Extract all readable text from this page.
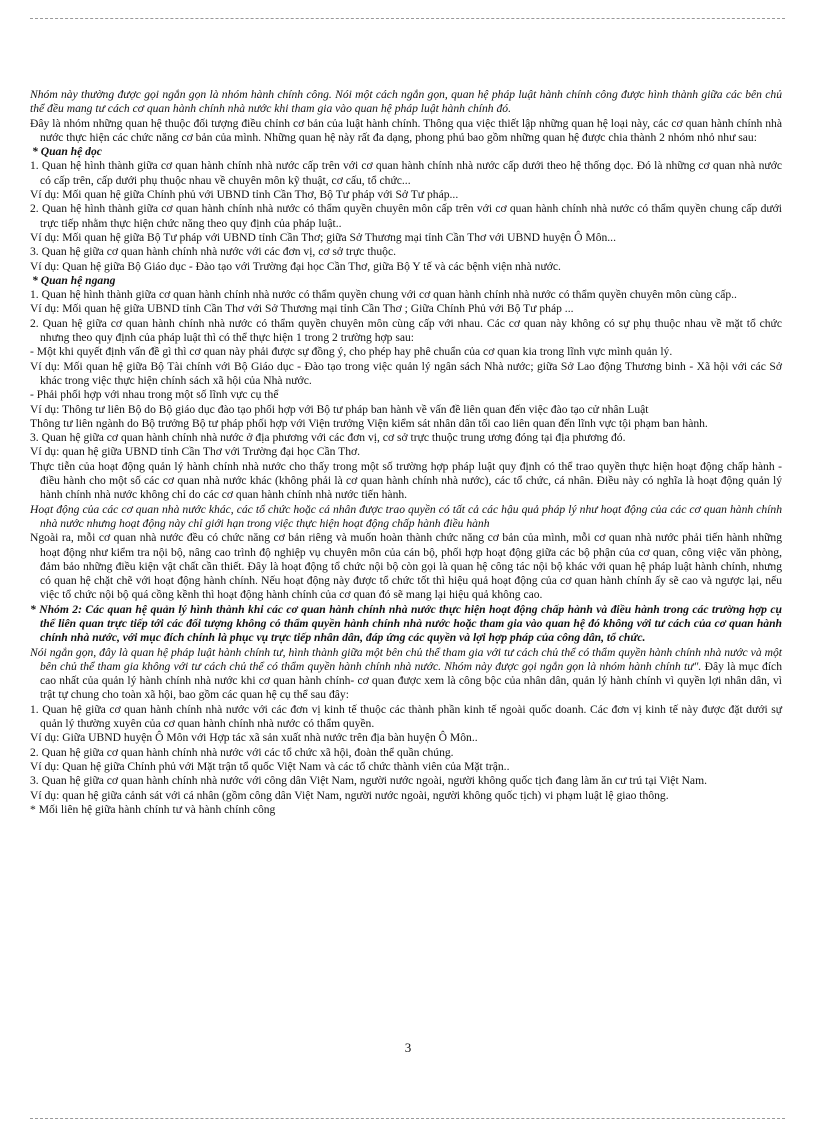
Nhóm này thường được gọi ngắn gọn là nhóm hành chính công. Nói một cách ngắn gọn, quan hệ pháp luật hành chính công được hình thành giữa các bên chủ thể đều mang tư cách cơ quan hành chính nhà nước khi tham gia vào quan hệ pháp luật hành chính đó.

Đây là nhóm những quan hệ thuộc đối tượng điều chỉnh cơ bản của luật hành chính. Thông qua việc thiết lập những quan hệ loại này, các cơ quan hành chính nhà nước thực hiện các chức năng cơ bản của mình. Những quan hệ này rất đa dạng, phong phú bao gồm những quan hệ được chia thành 2 nhóm nhỏ như sau:

* Quan hệ dọc

1. Quan hệ hình thành giữa cơ quan hành chính nhà nước cấp trên với cơ quan hành chính nhà nước cấp dưới theo hệ thống dọc. Đó là những cơ quan nhà nước có cấp trên, cấp dưới phụ thuộc nhau về chuyên môn kỹ thuật, cơ cấu, tổ chức...

Ví dụ: Mối quan hệ giữa Chính phủ với UBND tỉnh Cần Thơ, Bộ Tư pháp với Sở Tư pháp...

2. Quan hệ hình thành giữa cơ quan hành chính nhà nước có thẩm quyền chuyên môn cấp trên với cơ quan hành chính nhà nước có thẩm quyền chung cấp dưới trực tiếp nhằm thực hiện chức năng theo quy định của pháp luật..

Ví dụ: Mối quan hệ giữa Bộ Tư pháp với UBND tỉnh Cần Thơ; giữa Sở Thương mại tỉnh Cần Thơ với UBND huyện Ô Môn...

3. Quan hệ giữa cơ quan hành chính nhà nước với các đơn vị, cơ sở trực thuộc.

Ví dụ: Quan hệ giữa Bộ Giáo dục - Đào tạo với Trường đại học Cần Thơ, giữa Bộ Y tế và các bệnh viện nhà nước.

* Quan hệ ngang

1. Quan hệ hình thành giữa cơ quan hành chính nhà nước có thẩm quyền chung với cơ quan hành chính nhà nước có thẩm quyền chuyên môn cùng cấp..

Ví dụ: Mối quan hệ giữa UBND tỉnh Cần Thơ với Sở Thương mại tỉnh Cần Thơ ; Giữa Chính Phủ với Bộ Tư pháp ...

2. Quan hệ giữa cơ quan hành chính nhà nước có thẩm quyền chuyên môn cùng cấp với nhau. Các cơ quan này không có sự phụ thuộc nhau về mặt tổ chức nhưng theo quy định của pháp luật thì có thể thực hiện 1 trong 2 trường hợp sau:

- Một khi quyết định vấn đề gì thì cơ quan này phải được sự đồng ý, cho phép hay phê chuẩn của cơ quan kia trong lĩnh vực mình quản lý.

Ví dụ: Mối quan hệ giữa Bộ Tài chính với Bộ Giáo dục - Đào tạo trong việc quản lý ngân sách Nhà nước; giữa Sở Lao động Thương binh - Xã hội với các Sở khác trong việc thực hiện chính sách xã hội của Nhà nước.

- Phải phối hợp với nhau trong một số lĩnh vực cụ thể

Ví dụ: Thông tư liên Bộ do Bộ giáo dục đào tạo phối hợp với Bộ tư pháp ban hành về vấn đề liên quan đến việc đào tạo cử nhân Luật

Thông tư liên ngành do Bộ trưởng Bộ tư pháp phối hợp với Viện trưởng Viện kiểm sát nhân dân tối cao liên quan đến lĩnh vực tội phạm ban hành.

3. Quan hệ giữa cơ quan hành chính nhà nước ở địa phương với các đơn vị, cơ sở trực thuộc trung ương đóng tại địa phương đó.

Ví dụ: quan hệ giữa UBND tỉnh Cần Thơ với Trường đại học Cần Thơ.

Thực tiễn của hoạt động quản lý hành chính nhà nước cho thấy trong một số trường hợp pháp luật quy định có thể trao quyền thực hiện hoạt động chấp hành - điều hành cho một số các cơ quan nhà nước khác (không phải là cơ quan hành chính nhà nước), các tổ chức, cá nhân. Điều này có nghĩa là hoạt động quản lý hành chính nhà nước không chỉ do các cơ quan hành chính nhà nước tiến hành.

Hoạt động của các cơ quan nhà nước khác, các tổ chức hoặc cá nhân được trao quyền có tất cả các hậu quả pháp lý như hoạt động của các cơ quan hành chính nhà nước nhưng hoạt động này chỉ giới hạn trong việc thực hiện hoạt động chấp hành điều hành

Ngoài ra, mỗi cơ quan nhà nước đều có chức năng cơ bản riêng và muốn hoàn thành chức năng cơ bản của mình, mỗi cơ quan nhà nước phải tiến hành những hoạt động như kiểm tra nội bộ, nâng cao trình độ nghiệp vụ chuyên môn của cán bộ, phối hợp hoạt động giữa các bộ phận của cơ quan, công việc văn phòng, đảm bảo những điều kiện vật chất cần thiết. Đây là hoạt động tổ chức nội bộ còn gọi là quan hệ công tác nội bộ khác với quan hệ pháp luật hành chính, nhưng có quan hệ chặt chẽ với hoạt động hành chính. Nếu hoạt động này được tổ chức tốt thì hiệu quả hoạt động của cơ quan hành chính ấy sẽ cao và ngược lại, nếu việc tổ chức nội bộ quá cồng kềnh thì hoạt động hành chính của cơ quan đó sẽ mang lại hiệu quả không cao.

* Nhóm 2: Các quan hệ quản lý hình thành khi các cơ quan hành chính nhà nước thực hiện hoạt động chấp hành và điều hành trong các trường hợp cụ thể liên quan trực tiếp tới các đối tượng không có thẩm quyền hành chính nhà nước hoặc tham gia vào quan hệ đó không với tư cách của cơ quan hành chính nhà nước, với mục đích chính là phục vụ trực tiếp nhân dân, đáp ứng các quyền và lợi hợp pháp của công dân, tổ chức.

Nói ngắn gọn, đây là quan hệ pháp luật hành chính tư, hình thành giữa một bên chủ thể tham gia với tư cách chủ thể có thẩm quyền hành chính nhà nước và một bên chủ thể tham gia không với tư cách chủ thể có thẩm quyền hành chính nhà nước. Nhóm này được gọi ngắn gọn là nhóm hành chính tư". Đây là mục đích cao nhất của quản lý hành chính nhà nước khi cơ quan hành chính- cơ quan được xem là công bộc của nhân dân, quản lý hành chính vì quyền lợi nhân dân, vì trật tự chung cho toàn xã hội, bao gồm các quan hệ cụ thể sau đây:

1. Quan hệ giữa cơ quan hành chính nhà nước với các đơn vị kinh tế thuộc các thành phần kinh tế ngoài quốc doanh. Các đơn vị kinh tế này được đặt dưới sự quản lý thường xuyên của cơ quan hành chính nhà nước có thẩm quyền.

Ví dụ: Giữa UBND huyện Ô Môn với Hợp tác xã sản xuất nhà nước trên địa bàn huyện Ô Môn..

2. Quan hệ giữa cơ quan hành chính nhà nước với các tổ chức xã hội, đoàn thể quần chúng.

Ví dụ: Quan hệ giữa Chính phủ với Mặt trận tổ quốc Việt Nam và các tổ chức thành viên của Mặt trận..

3. Quan hệ giữa cơ quan hành chính nhà nước với công dân Việt Nam, người nước ngoài, người không quốc tịch đang làm ăn cư trú tại Việt Nam.

Ví dụ: quan hệ giữa cảnh sát với cá nhân (gồm công dân Việt Nam, người nước ngoài, người không quốc tịch) vi phạm luật lệ giao thông.

* Mối liên hệ giữa hành chính tư và hành chính công

3
